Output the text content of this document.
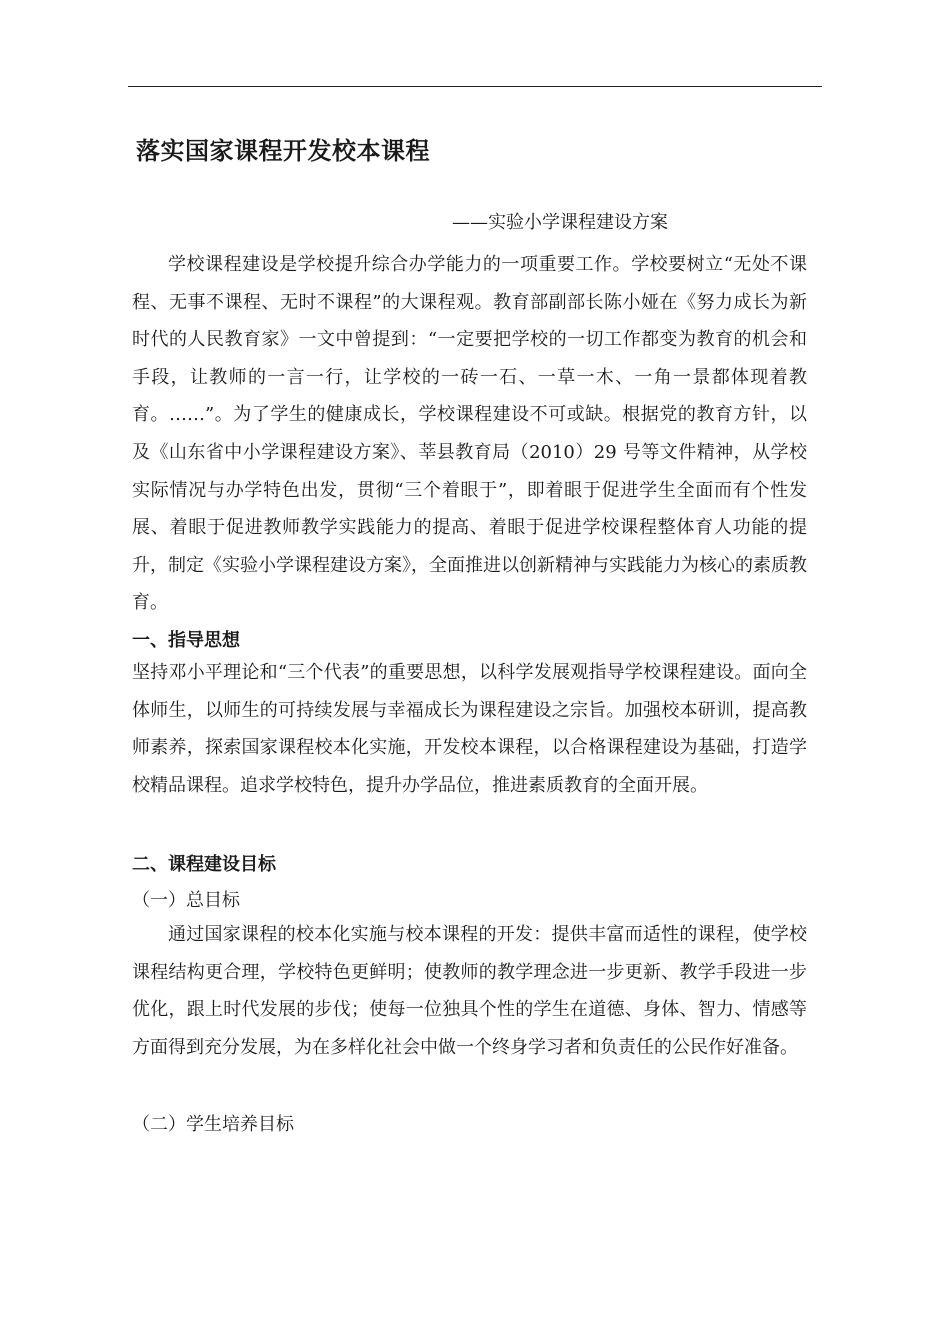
落实国家课程开发校本课程
——实验小学课程建设方案
学校课程建设是学校提升综合办学能力的一项重要工作。学校要树立“无处不课程、无事不课程、无时不课程”的大课程观。教育部副部长陈小娅在《努力成长为新时代的人民教育家》一文中曾提到：“一定要把学校的一切工作都变为教育的机会和手段，让教师的一言一行，让学校的一砖一石、一草一木、一角一景都体现着教育。……”。为了学生的健康成长，学校课程建设不可或缺。根据党的教育方针，以及《山东省中小学课程建设方案》、莘县教育局（2010）29 号等文件精神，从学校实际情况与办学特色出发，贯彻“三个着眼于”，即着眼于促进学生全面而有个性发展、着眼于促进教师教学实践能力的提高、着眼于促进学校课程整体育人功能的提升，制定《实验小学课程建设方案》，全面推进以创新精神与实践能力为核心的素质教育。
一、指导思想
坚持邓小平理论和“三个代表”的重要思想，以科学发展观指导学校课程建设。面向全体师生，以师生的可持续发展与幸福成长为课程建设之宗旨。加强校本研训，提高教师素养，探索国家课程校本化实施，开发校本课程，以合格课程建设为基础，打造学校精品课程。追求学校特色，提升办学品位，推进素质教育的全面开展。
二、课程建设目标
（一）总目标
通过国家课程的校本化实施与校本课程的开发：提供丰富而适性的课程，使学校课程结构更合理，学校特色更鲜明；使教师的教学理念进一步更新、教学手段进一步优化，跟上时代发展的步伐；使每一位独具个性的学生在道德、身体、智力、情感等方面得到充分发展，为在多样化社会中做一个终身学习者和负责任的公民作好准备。
（二）学生培养目标
